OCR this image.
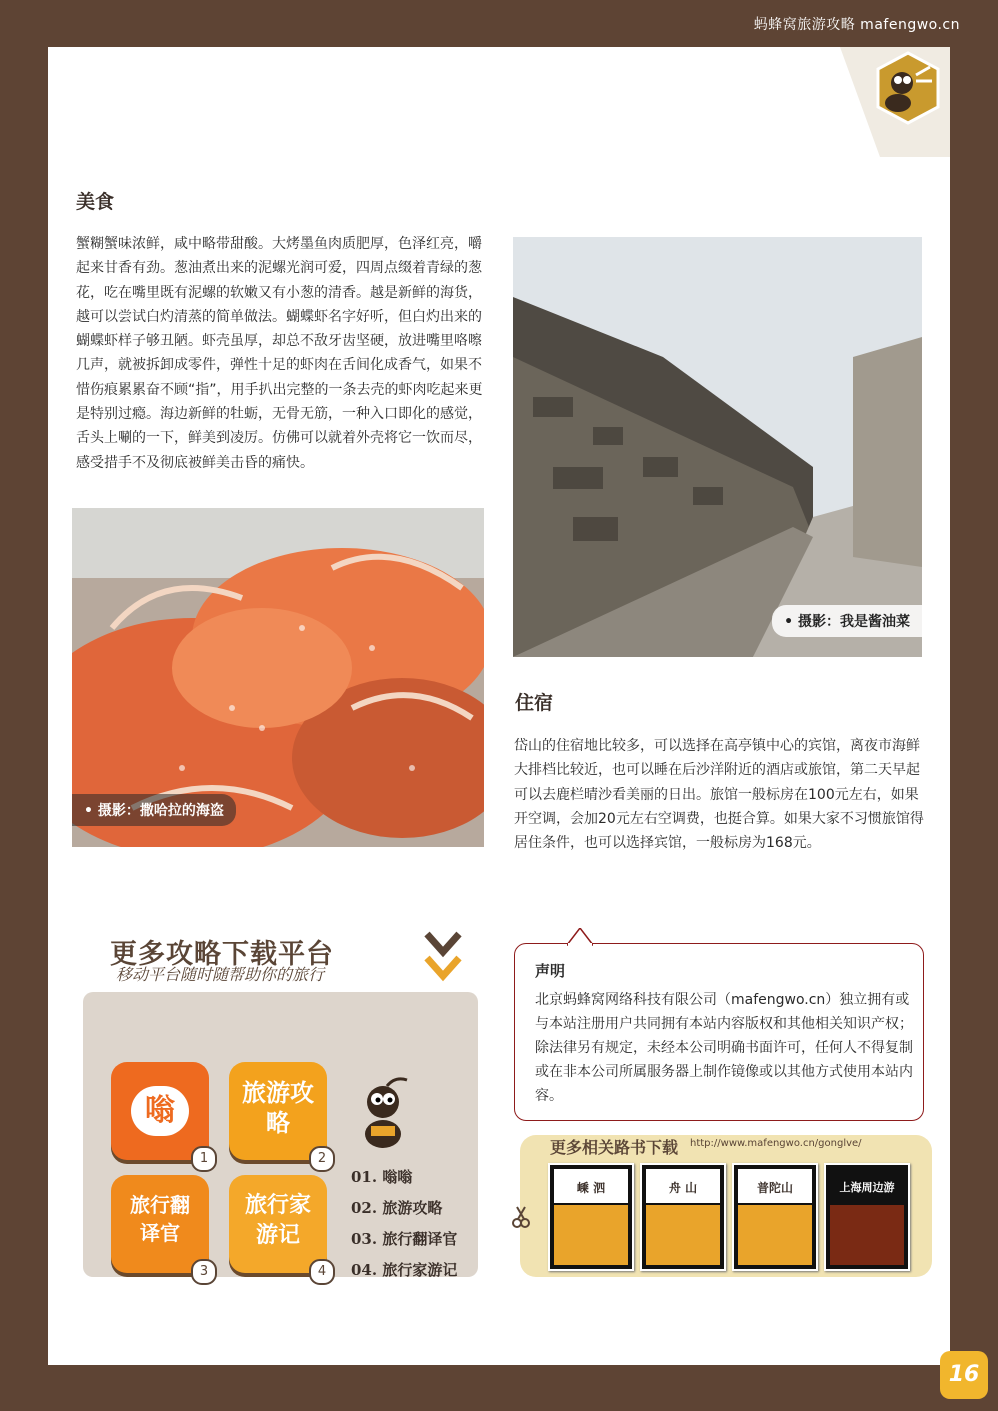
蚂蜂窝旅游攻略 mafengwo.cn
美食

蟹糊蟹味浓鲜，咸中略带甜酸。大烤墨鱼肉质肥厚，色泽红亮，嚼起来甘香有劲。葱油煮出来的泥螺光润可爱，四周点缀着青绿的葱花，吃在嘴里既有泥螺的软嫩又有小葱的清香。越是新鲜的海货，越可以尝试白灼清蒸的简单做法。蝴蝶虾名字好听，但白灼出来的蝴蝶虾样子够丑陋。虾壳虽厚，却总不敌牙齿坚硬，放进嘴里咯嚓几声，就被拆卸成零件，弹性十足的虾肉在舌间化成香气，如果不惜伤痕累累奋不顾“指”，用手扒出完整的一条去壳的虾肉吃起来更是特别过瘾。海边新鲜的牡蛎，无骨无筋，一种入口即化的感觉，舌头上唰的一下，鲜美到凌厉。仿佛可以就着外壳将它一饮而尽，感受措手不及彻底被鲜美击昏的痛快。

• 摄影：撒哈拉的海盗
• 摄影：我是酱油菜
住宿

岱山的住宿地比较多，可以选择在高亭镇中心的宾馆，离夜市海鲜大排档比较近，也可以睡在后沙洋附近的酒店或旅馆，第二天早起可以去鹿栏晴沙看美丽的日出。旅馆一般标房在100元左右，如果开空调，会加20元左右空调费，也挺合算。如果大家不习惯旅馆得居住条件，也可以选择宾馆，一般标房为168元。

更多攻略下载平台
移动平台随时随帮助你的旅行
嗡
1
旅游攻略
2
旅行翻译官
3
旅行家游记
4
01. 嗡嗡
02. 旅游攻略
03. 旅行翻译官
04. 旅行家游记
声明

北京蚂蜂窝网络科技有限公司（mafengwo.cn）独立拥有或与本站注册用户共同拥有本站内容版权和其他相关知识产权；除法律另有规定，未经本公司明确书面许可，任何人不得复制或在非本公司所属服务器上制作镜像或以其他方式使用本站内容。

更多相关路书下载 http://www.mafengwo.cn/gonglve/
嵊 泗	舟 山	普陀山	上海周边游
16
